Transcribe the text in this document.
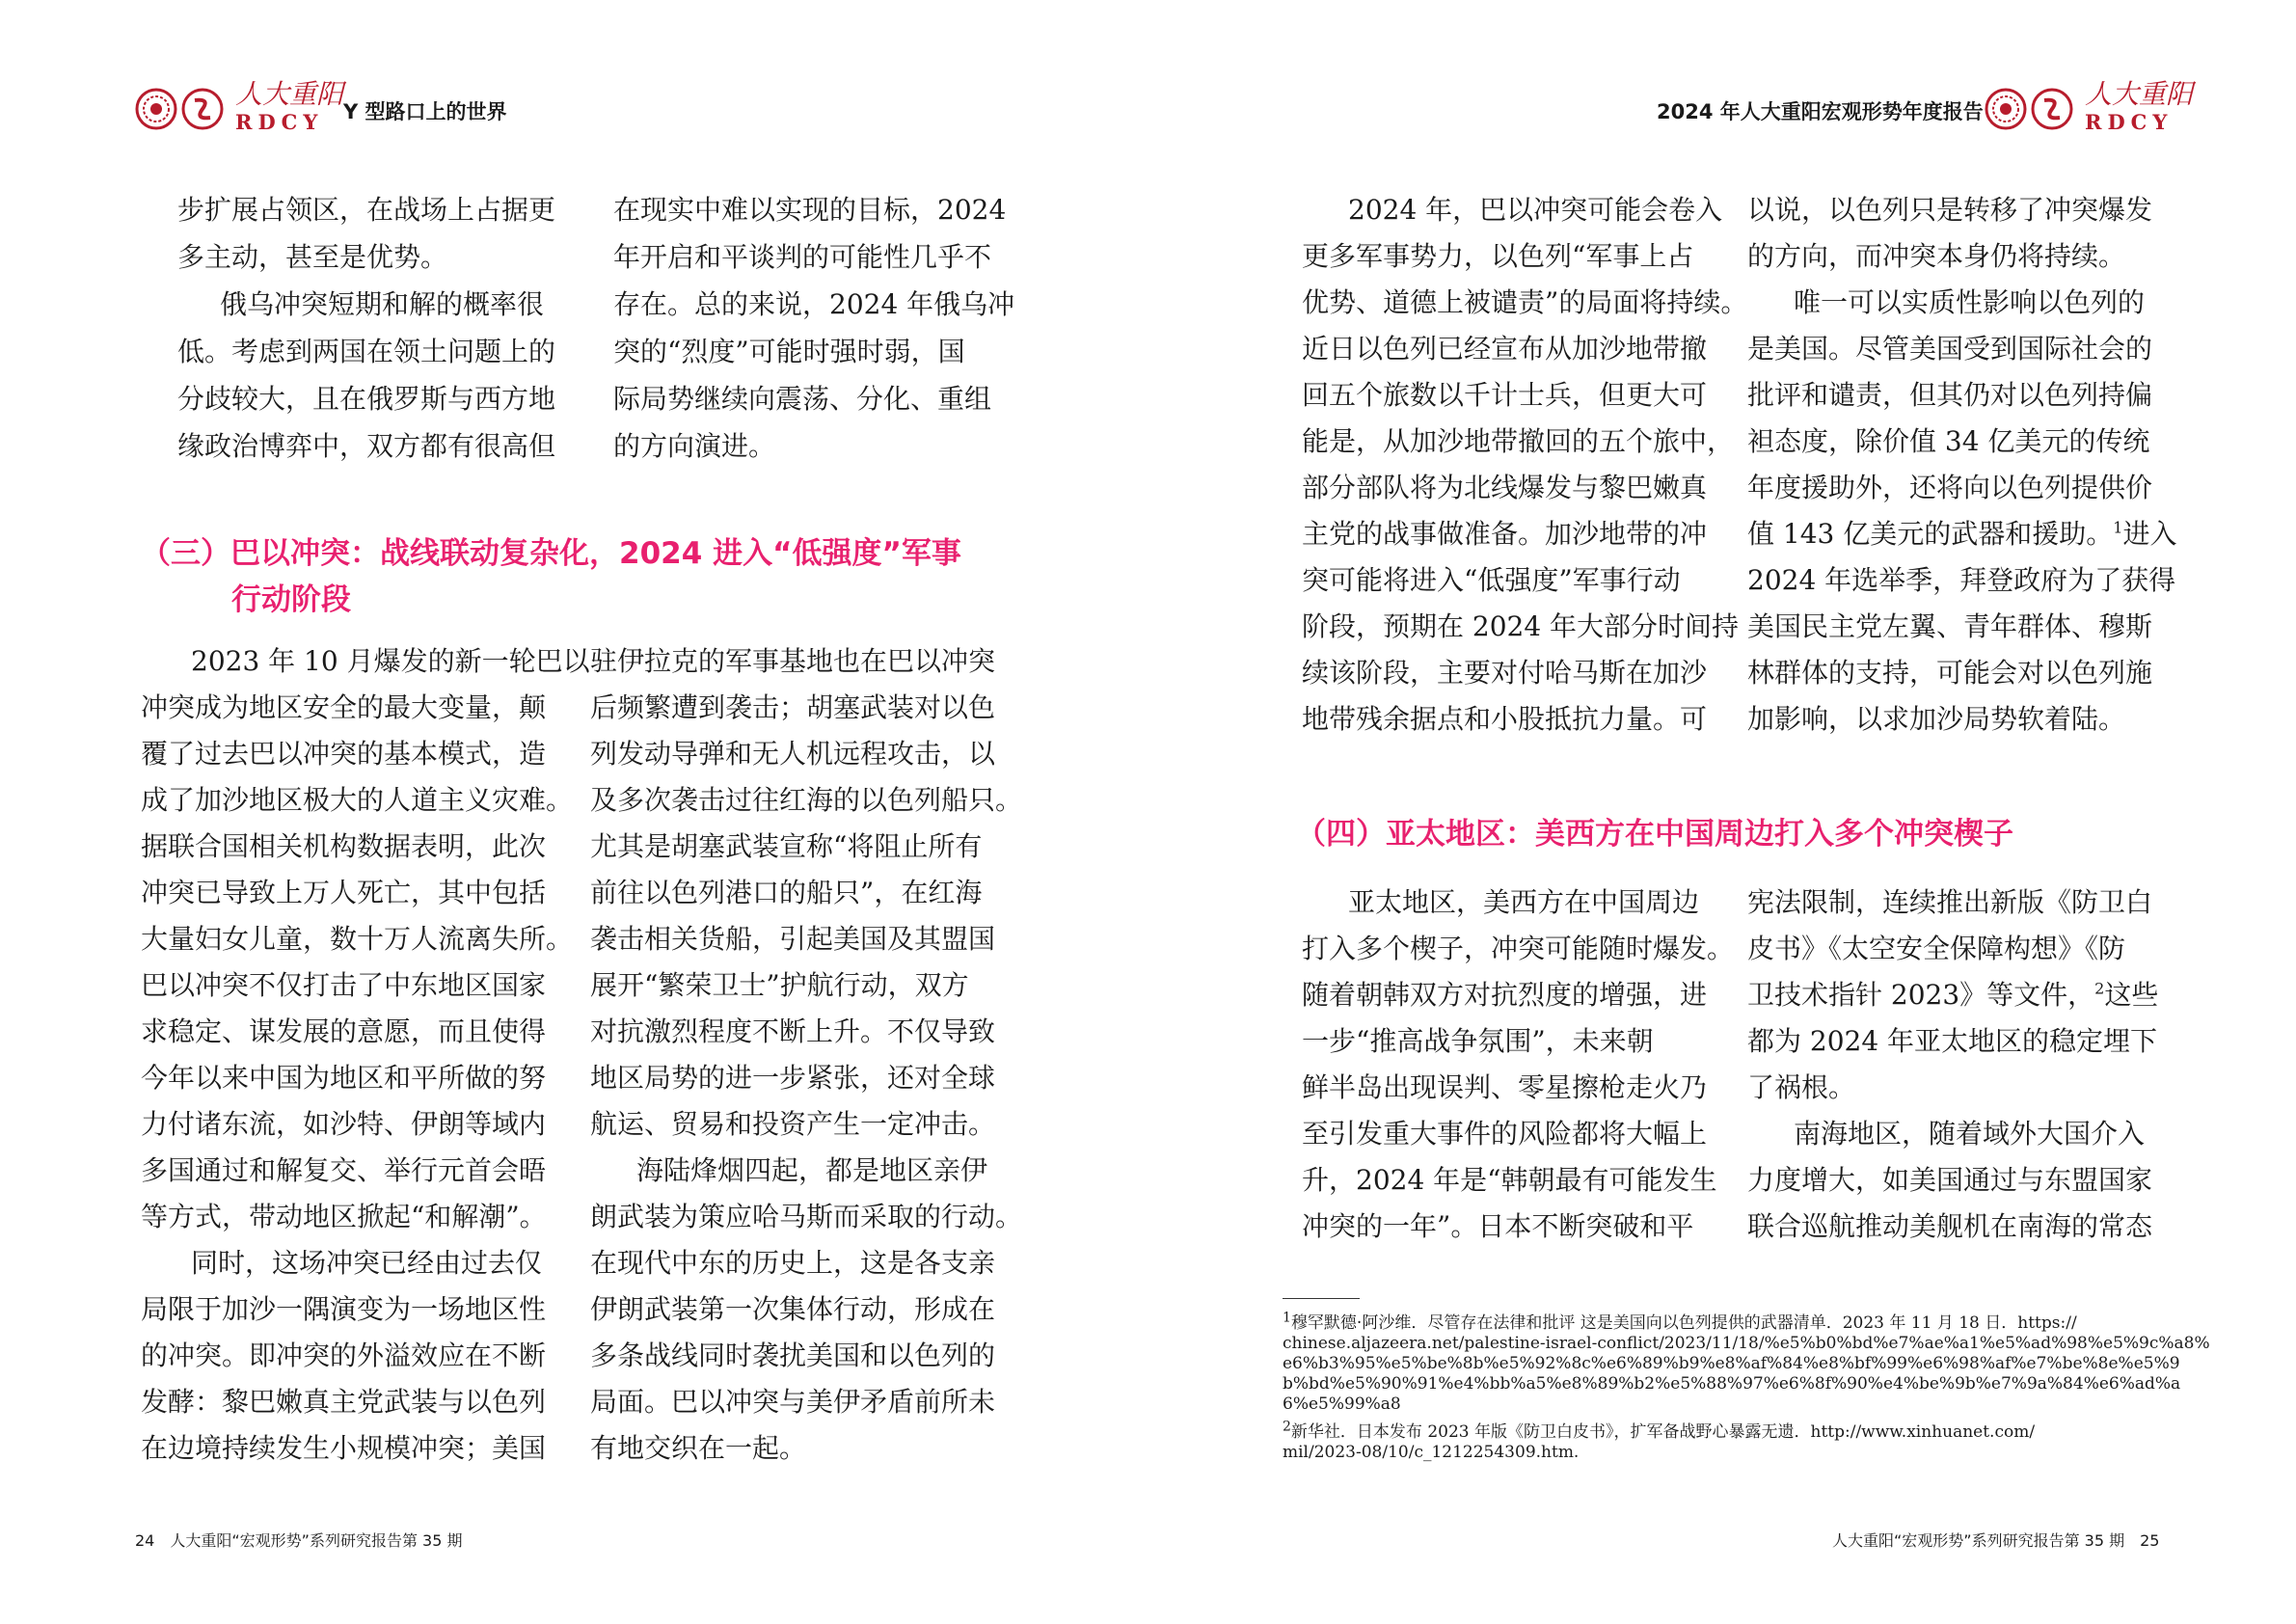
人大重阳
RDCY Y 型路口上的世界
步扩展占领区，在战场上占据更
多主动，甚至是优势。
俄乌冲突短期和解的概率很
低。考虑到两国在领土问题上的
分歧较大，且在俄罗斯与西方地
缘政治博弈中，双方都有很高但
在现实中难以实现的目标，2024
年开启和平谈判的可能性几乎不
存在。总的来说，2024 年俄乌冲
突的“烈度”可能时强时弱，国
际局势继续向震荡、分化、重组
的方向演进。
（三）巴以冲突：战线联动复杂化，2024 进入“低强度”军事
行动阶段
2023 年 10 月爆发的新一轮巴以
冲突成为地区安全的最大变量，颠
覆了过去巴以冲突的基本模式，造
成了加沙地区极大的人道主义灾难。
据联合国相关机构数据表明，此次
冲突已导致上万人死亡，其中包括
大量妇女儿童，数十万人流离失所。
巴以冲突不仅打击了中东地区国家
求稳定、谋发展的意愿，而且使得
今年以来中国为地区和平所做的努
力付诸东流，如沙特、伊朗等域内
多国通过和解复交、举行元首会晤
等方式，带动地区掀起“和解潮”。
同时，这场冲突已经由过去仅
局限于加沙一隅演变为一场地区性
的冲突。即冲突的外溢效应在不断
发酵：黎巴嫩真主党武装与以色列
在边境持续发生小规模冲突；美国
驻伊拉克的军事基地也在巴以冲突
后频繁遭到袭击；胡塞武装对以色
列发动导弹和无人机远程攻击，以
及多次袭击过往红海的以色列船只。
尤其是胡塞武装宣称“将阻止所有
前往以色列港口的船只”，在红海
袭击相关货船，引起美国及其盟国
展开“繁荣卫士”护航行动，双方
对抗激烈程度不断上升。不仅导致
地区局势的进一步紧张，还对全球
航运、贸易和投资产生一定冲击。
海陆烽烟四起，都是地区亲伊
朗武装为策应哈马斯而采取的行动。
在现代中东的历史上，这是各支亲
伊朗武装第一次集体行动，形成在
多条战线同时袭扰美国和以色列的
局面。巴以冲突与美伊矛盾前所未
有地交织在一起。
24　人大重阳“宏观形势”系列研究报告第 35 期
2024 年人大重阳宏观形势年度报告
人大重阳
RDCY
2024 年，巴以冲突可能会卷入
更多军事势力，以色列“军事上占
优势、道德上被谴责”的局面将持续。
近日以色列已经宣布从加沙地带撤
回五个旅数以千计士兵，但更大可
能是，从加沙地带撤回的五个旅中，
部分部队将为北线爆发与黎巴嫩真
主党的战事做准备。加沙地带的冲
突可能将进入“低强度”军事行动
阶段，预期在 2024 年大部分时间持
续该阶段，主要对付哈马斯在加沙
地带残余据点和小股抵抗力量。可
以说，以色列只是转移了冲突爆发
的方向，而冲突本身仍将持续。
唯一可以实质性影响以色列的
是美国。尽管美国受到国际社会的
批评和谴责，但其仍对以色列持偏
袒态度，除价值 34 亿美元的传统
年度援助外，还将向以色列提供价
值 143 亿美元的武器和援助。$^1$进入
2024 年选举季，拜登政府为了获得
美国民主党左翼、青年群体、穆斯
林群体的支持，可能会对以色列施
加影响，以求加沙局势软着陆。
（四）亚太地区：美西方在中国周边打入多个冲突楔子
亚太地区，美西方在中国周边
打入多个楔子，冲突可能随时爆发。
随着朝韩双方对抗烈度的增强，进
一步“推高战争氛围”，未来朝
鲜半岛出现误判、零星擦枪走火乃
至引发重大事件的风险都将大幅上
升，2024 年是“韩朝最有可能发生
冲突的一年”。日本不断突破和平
宪法限制，连续推出新版《防卫白
皮书》《太空安全保障构想》《防
卫技术指针 2023》等文件，$^2$这些
都为 2024 年亚太地区的稳定埋下
了祸根。
南海地区，随着域外大国介入
力度增大，如美国通过与东盟国家
联合巡航推动美舰机在南海的常态
人大重阳“宏观形势”系列研究报告第 35 期　25
$^1$穆罕默德·阿沙维．尽管存在法律和批评 这是美国向以色列提供的武器清单．2023 年 11 月 18 日．https://
chinese.aljazeera.net/palestine-israel-conflict/2023/11/18/%e5%b0%bd%e7%ae%a1%e5%ad%98%e5%9c%a8%
e6%b3%95%e5%be%8b%e5%92%8c%e6%89%b9%e8%af%84%e8%bf%99%e6%98%af%e7%be%8e%e5%9
b%bd%e5%90%91%e4%bb%a5%e8%89%b2%e5%88%97%e6%8f%90%e4%be%9b%e7%9a%84%e6%ad%a
6%e5%99%a8
$^2$新华社．日本发布 2023 年版《防卫白皮书》，扩军备战野心暴露无遗．http://www.xinhuanet.com/
mil/2023-08/10/c_1212254309.htm.
